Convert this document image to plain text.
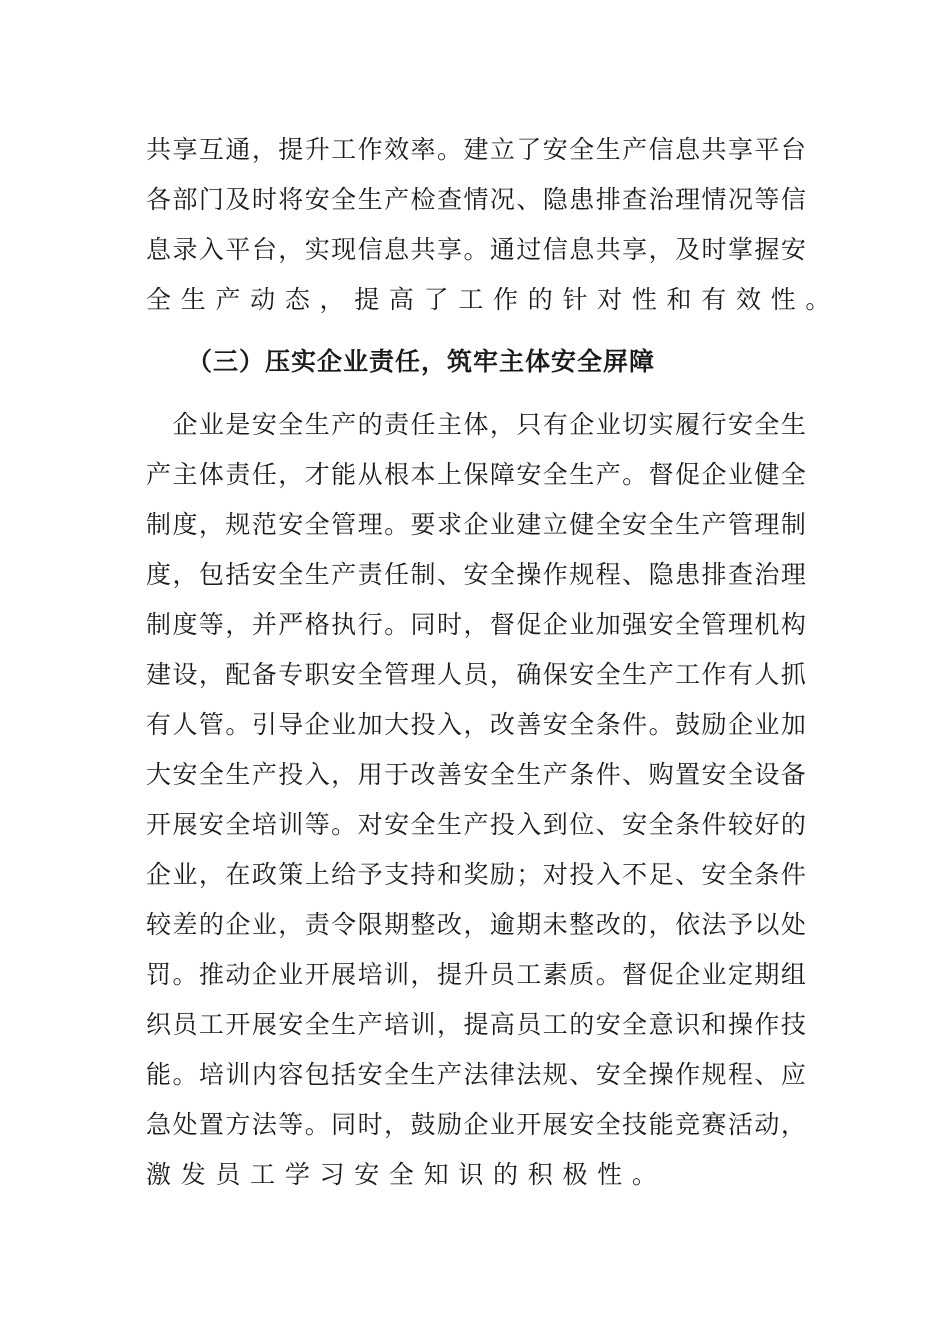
共 享 互 通 ， 提 升 工 作 效 率 。 建 立 了 安 全 生 产 信 息 共 享 平 台
各 部 门 及 时 将 安 全 生 产 检 查 情 况 、 隐 患 排 查 治 理 情 况 等 信
息 录 入 平 台 ， 实 现 信 息 共 享 。 通 过 信 息 共 享 ， 及 时 掌 握 安
全 生 产 动 态 ， 提 高 了 工 作 的 针 对 性 和 有 效 性 。
（三）压实企业责任，筑牢主体安全屏障

企 业 是 安 全 生 产 的 责 任 主 体 ， 只 有 企 业 切 实 履 行 安 全 生
产 主 体 责 任 ， 才 能 从 根 本 上 保 障 安 全 生 产 。 督 促 企 业 健 全
制 度 ， 规 范 安 全 管 理 。 要 求 企 业 建 立 健 全 安 全 生 产 管 理 制
度 ， 包 括 安 全 生 产 责 任 制 、 安 全 操 作 规 程 、 隐 患 排 查 治 理
制 度 等 ， 并 严 格 执 行 。 同 时 ， 督 促 企 业 加 强 安 全 管 理 机 构
建 设 ， 配 备 专 职 安 全 管 理 人 员 ， 确 保 安 全 生 产 工 作 有 人 抓
有 人 管 。 引 导 企 业 加 大 投 入 ， 改 善 安 全 条 件 。 鼓 励 企 业 加
大 安 全 生 产 投 入 ， 用 于 改 善 安 全 生 产 条 件 、 购 置 安 全 设 备
开 展 安 全 培 训 等 。 对 安 全 生 产 投 入 到 位 、 安 全 条 件 较 好 的
企 业 ， 在 政 策 上 给 予 支 持 和 奖 励 ； 对 投 入 不 足 、 安 全 条 件
较 差 的 企 业 ， 责 令 限 期 整 改 ， 逾 期 未 整 改 的 ， 依 法 予 以 处
罚 。 推 动 企 业 开 展 培 训 ， 提 升 员 工 素 质 。 督 促 企 业 定 期 组
织 员 工 开 展 安 全 生 产 培 训 ， 提 高 员 工 的 安 全 意 识 和 操 作 技
能 。 培 训 内 容 包 括 安 全 生 产 法 律 法 规 、 安 全 操 作 规 程 、 应
急 处 置 方 法 等 。 同 时 ， 鼓 励 企 业 开 展 安 全 技 能 竞 赛 活 动 ，
激 发 员 工 学 习 安 全 知 识 的 积 极 性 。
